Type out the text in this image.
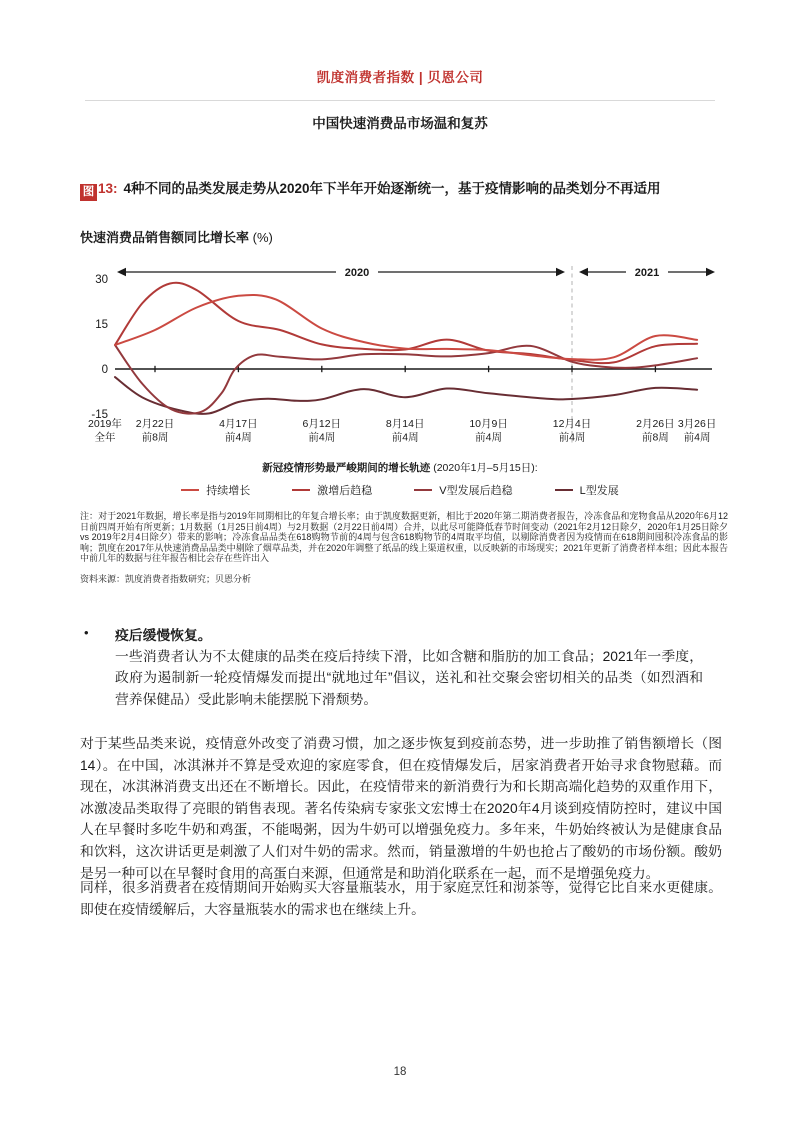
凯度消费者指数 | 贝恩公司
中国快速消费品市场温和复苏
图 13: 4种不同的品类发展走势从2020年下半年开始逐渐统一，基于疫情影响的品类划分不再适用
快速消费品销售额同比增长率 (%)
2020	2021
30
15
0
-15
2019年全年
2月22日前8周
4月17日前4周
6月12日前4周
8月14日前4周
10月9日前4周
12月4日前4周
2月26日前8周
3月26日前4周
新冠疫情形势最严峻期间的增长轨迹 (2020年1月–5月15日):
持续增长	激增后趋稳	V型发展后趋稳	L型发展
注：对于2021年数据，增长率是指与2019年同期相比的年复合增长率；由于凯度数据更新，相比于2020年第二期消费者报告，冷冻食品和宠物食品从2020年6月12日前四周开始有所更新；1月数据（1月25日前4周）与2月数据（2月22日前4周）合并，以此尽可能降低春节时间变动（2021年2月12日除夕，2020年1月25日除夕 vs 2019年2月4日除夕）带来的影响；冷冻食品品类在618购物节前的4周与包含618购物节的4周取平均值，以剔除消费者因为疫情而在618期间囤积冷冻食品的影响；凯度在2017年从快速消费品品类中剔除了烟草品类，并在2020年调整了纸品的线上渠道权重，以反映新的市场现实；2021年更新了消费者样本组；因此本报告中前几年的数据与往年报告相比会存在些许出入
资料来源：凯度消费者指数研究；贝恩分析
•	疫后缓慢恢复。
一些消费者认为不太健康的品类在疫后持续下滑，比如含糖和脂肪的加工食品；2021年一季度，政府为遏制新一轮疫情爆发而提出“就地过年”倡议，送礼和社交聚会密切相关的品类（如烈酒和营养保健品）受此影响未能摆脱下滑颓势。
对于某些品类来说，疫情意外改变了消费习惯，加之逐步恢复到疫前态势，进一步助推了销售额增长（图14）。在中国，冰淇淋并不算是受欢迎的家庭零食，但在疫情爆发后，居家消费者开始寻求食物慰藉。而现在，冰淇淋消费支出还在不断增长。因此，在疫情带来的新消费行为和长期高端化趋势的双重作用下，冰激凌品类取得了亮眼的销售表现。著名传染病专家张文宏博士在2020年4月谈到疫情防控时，建议中国人在早餐时多吃牛奶和鸡蛋，不能喝粥，因为牛奶可以增强免疫力。多年来，牛奶始终被认为是健康食品和饮料，这次讲话更是刺激了人们对牛奶的需求。然而，销量激增的牛奶也抢占了酸奶的市场份额。酸奶是另一种可以在早餐时食用的高蛋白来源，但通常是和助消化联系在一起，而不是增强免疫力。
同样，很多消费者在疫情期间开始购买大容量瓶装水，用于家庭烹饪和沏茶等，觉得它比自来水更健康。即使在疫情缓解后，大容量瓶装水的需求也在继续上升。
18
